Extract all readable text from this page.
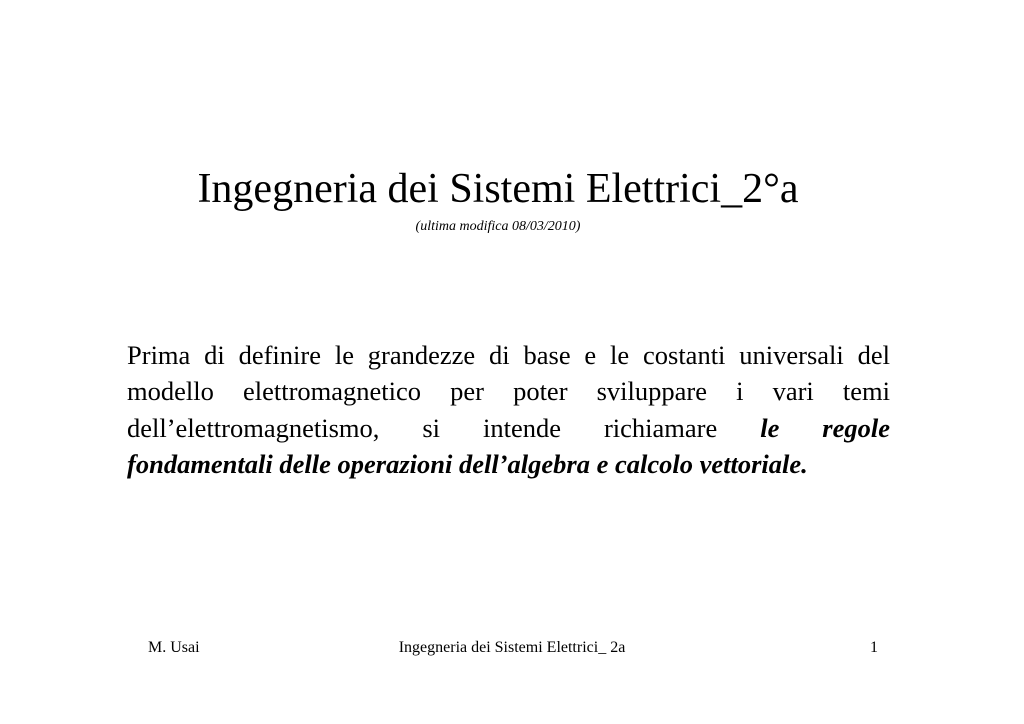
Ingegneria dei Sistemi Elettrici_2°a
(ultima modifica 08/03/2010)
Prima di definire le grandezze di base e le costanti universali del
modello elettromagnetico per poter sviluppare i vari temi
dell’elettromagnetismo, si intende richiamare le regole
fondamentali delle operazioni dell’algebra e calcolo vettoriale.
M. Usai	Ingegneria dei Sistemi Elettrici_ 2a	1
